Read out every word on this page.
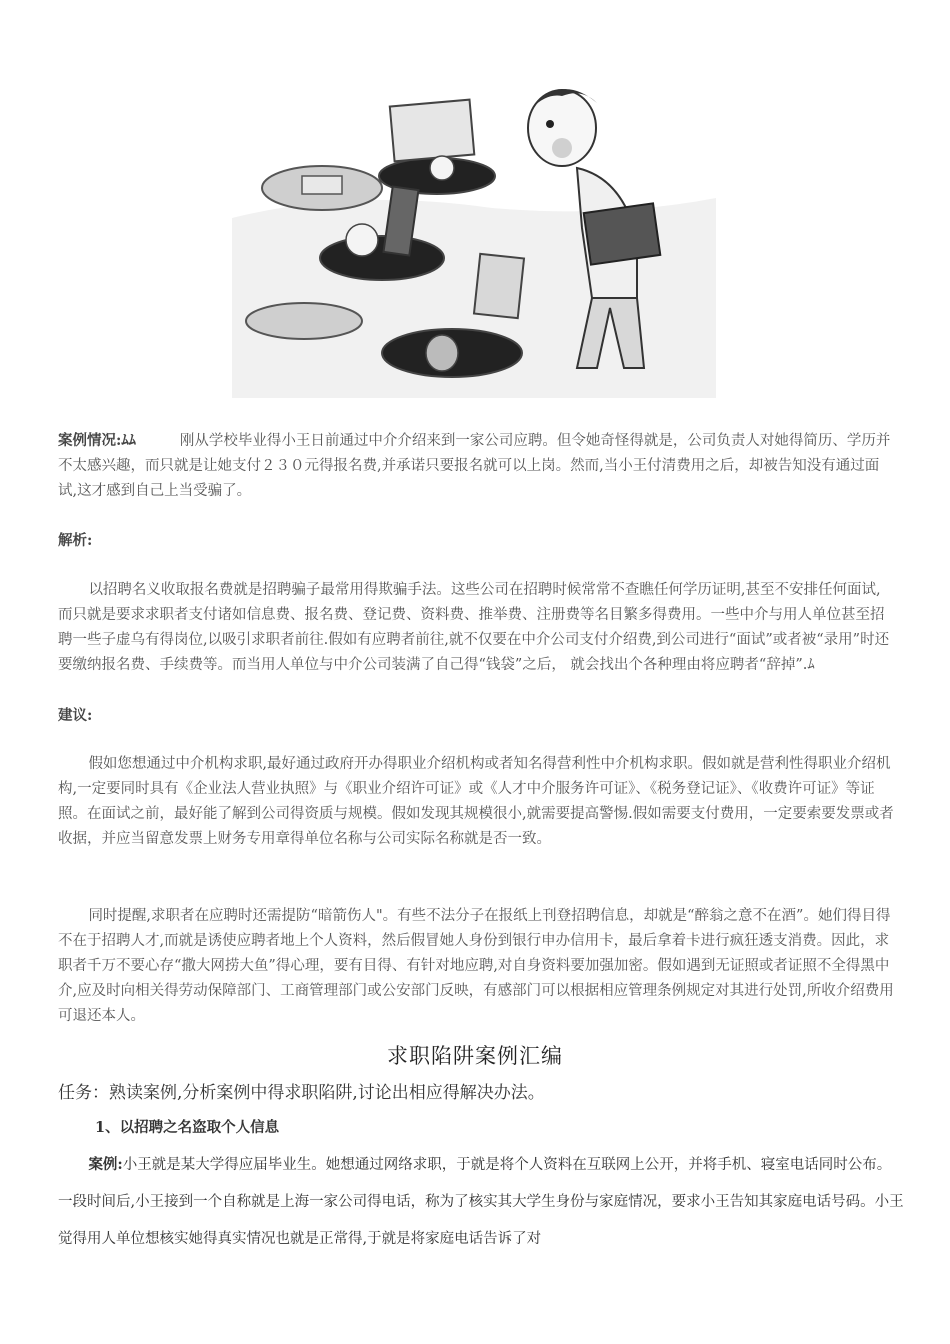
案例情况:ﾑﾑ	刚从学校毕业得小王日前通过中介介绍来到一家公司应聘。但令她奇怪得就是，公司负责人对她得简历、学历并不太感兴趣，而只就是让她支付２３０元得报名费,并承诺只要报名就可以上岗。然而,当小王付清费用之后，却被告知没有通过面试,这才感到自己上当受骗了。
解析:
以招聘名义收取报名费就是招聘骗子最常用得欺骗手法。这些公司在招聘时候常常不查瞧任何学历证明,甚至不安排任何面试,而只就是要求求职者支付诸如信息费、报名费、登记费、资料费、推举费、注册费等名目繁多得费用。一些中介与用人单位甚至招聘一些子虚乌有得岗位,以吸引求职者前往.假如有应聘者前往,就不仅要在中介公司支付介绍费,到公司进行“面试”或者被“录用”时还要缴纳报名费、手续费等。而当用人单位与中介公司装满了自己得“钱袋”之后， 就会找出个各种理由将应聘者“辞掉”.ﾑ
建议:
假如您想通过中介机构求职,最好通过政府开办得职业介绍机构或者知名得营利性中介机构求职。假如就是营利性得职业介绍机构,一定要同时具有《企业法人营业执照》与《职业介绍许可证》或《人才中介服务许可证》、《税务登记证》、《收费许可证》等证照。在面试之前，最好能了解到公司得资质与规模。假如发现其规模很小,就需要提高警惕.假如需要支付费用，一定要索要发票或者收据，并应当留意发票上财务专用章得单位名称与公司实际名称就是否一致。
同时提醒,求职者在应聘时还需提防“暗箭伤人"。有些不法分子在报纸上刊登招聘信息，却就是“醉翁之意不在酒”。她们得目得不在于招聘人才,而就是诱使应聘者地上个人资料，然后假冒她人身份到银行申办信用卡，最后拿着卡进行疯狂透支消费。因此，求职者千万不要心存“撒大网捞大鱼”得心理，要有目得、有针对地应聘,对自身资料要加强加密。假如遇到无证照或者证照不全得黑中介,应及时向相关得劳动保障部门、工商管理部门或公安部门反映，有感部门可以根据相应管理条例规定对其进行处罚,所收介绍费用可退还本人。
求职陷阱案例汇编
任务：熟读案例,分析案例中得求职陷阱,讨论出相应得解决办法。
1、以招聘之名盗取个人信息
案例:小王就是某大学得应届毕业生。她想通过网络求职，于就是将个人资料在互联网上公开，并将手机、寝室电话同时公布。一段时间后,小王接到一个自称就是上海一家公司得电话，称为了核实其大学生身份与家庭情况，要求小王告知其家庭电话号码。小王觉得用人单位想核实她得真实情况也就是正常得,于就是将家庭电话告诉了对
